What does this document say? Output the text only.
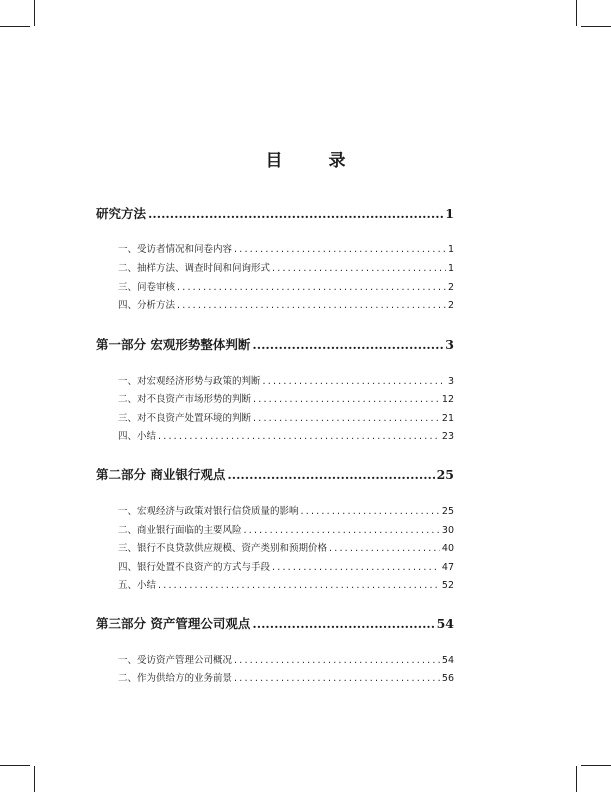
目 录
研究方法 .....	1
一、受访者情况和问卷内容 .....	1
二、抽样方法、调查时间和问询形式 .....	1
三、问卷审核 .....	2
四、分析方法 .....	2
第一部分 宏观形势整体判断 .....	3
一、对宏观经济形势与政策的判断 .....	3
二、对不良资产市场形势的判断 .....	12
三、对不良资产处置环境的判断 .....	21
四、小结 .....	23
第二部分 商业银行观点 .....	25
一、宏观经济与政策对银行信贷质量的影响 .....	25
二、商业银行面临的主要风险 .....	30
三、银行不良贷款供应规模、资产类别和预期价格 .....	40
四、银行处置不良资产的方式与手段 .....	47
五、小结 .....	52
第三部分 资产管理公司观点 .....	54
一、受访资产管理公司概况 .....	54
二、作为供给方的业务前景 .....	56
